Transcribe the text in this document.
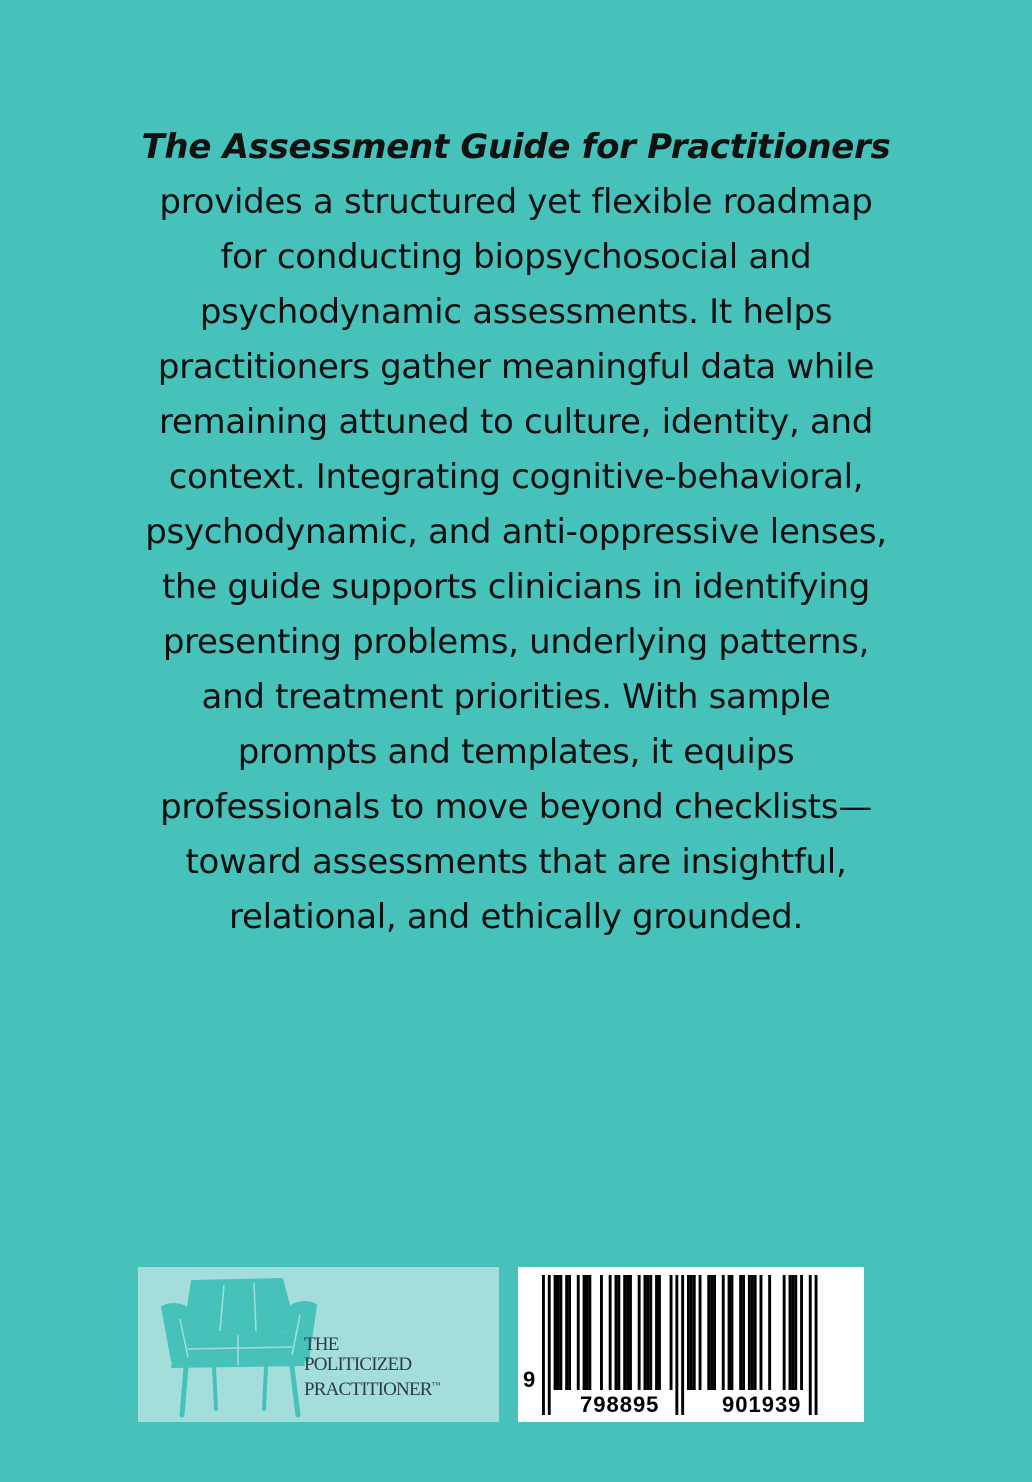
The Assessment Guide for Practitioners
provides a structured yet flexible roadmap
for conducting biopsychosocial and
psychodynamic assessments. It helps
practitioners gather meaningful data while
remaining attuned to culture, identity, and
context. Integrating cognitive-behavioral,
psychodynamic, and anti-oppressive lenses,
the guide supports clinicians in identifying
presenting problems, underlying patterns,
and treatment priorities. With sample
prompts and templates, it equips
professionals to move beyond checklists—
toward assessments that are insightful,
relational, and ethically grounded.
THE
POLITICIZED
PRACTITIONER™	9
798895	901939
